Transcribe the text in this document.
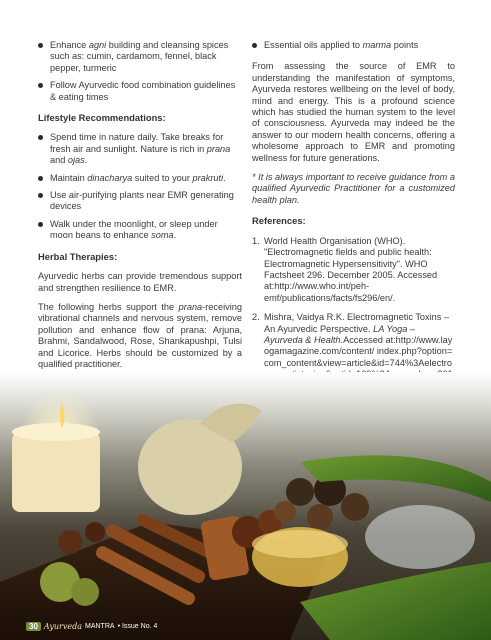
Enhance agni building and cleansing spices such as: cumin, cardamom, fennel, black pepper, turmeric
Follow Ayurvedic food combination guidelines & eating times
Lifestyle Recommendations:
Spend time in nature daily. Take breaks for fresh air and sunlight. Nature is rich in prana and ojas.
Maintain dinacharya suited to your prakruti.
Use air-purifying plants near EMR generating devices
Walk under the moonlight, or sleep under moon beans to enhance soma.
Herbal Therapies:

Ayurvedic herbs can provide tremendous support and strengthen resilience to EMR.

The following herbs support the prana-receiving vibrational channels and nervous system, remove pollution and enhance flow of prana: Arjuna, Brahmi, Sandalwood, Rose, Shankapushpi, Tulsi and Licorice. Herbs should be customized by a qualified practitioner.

Essential oils applied to marma points

From assessing the source of EMR to understanding the manifestation of symptoms, Ayurveda restores wellbeing on the level of body, mind and energy. This is a profound science which has studied the human system to the level of consciousness. Ayurveda may indeed be the answer to our modern health concerns, offering a wholesome approach to EMR and promoting wellness for future generations.

* It is always important to receive guidance from a qualified Ayurvedic Practitioner for a customized health plan.

References:
1. World Health Organisation (WHO). "Electromagnetic fields and public health: Electromagnetic Hypersensitivity". WHO Factsheet 296. December 2005. Accessed at:http://www.who.int/peh-emf/publications/facts/fs296/en/.
2. Mishra, Vaidya R.K. Electromagnetic Toxins – An Ayurvedic Perspective. LA Yoga – Ayurveda & Health.Accessed at:http://www.layogamagazine.com/content/ index.php?option=com_content&view=article&id=744%3Aelectro
30 Ayurveda MANTRA • Issue No. 4
